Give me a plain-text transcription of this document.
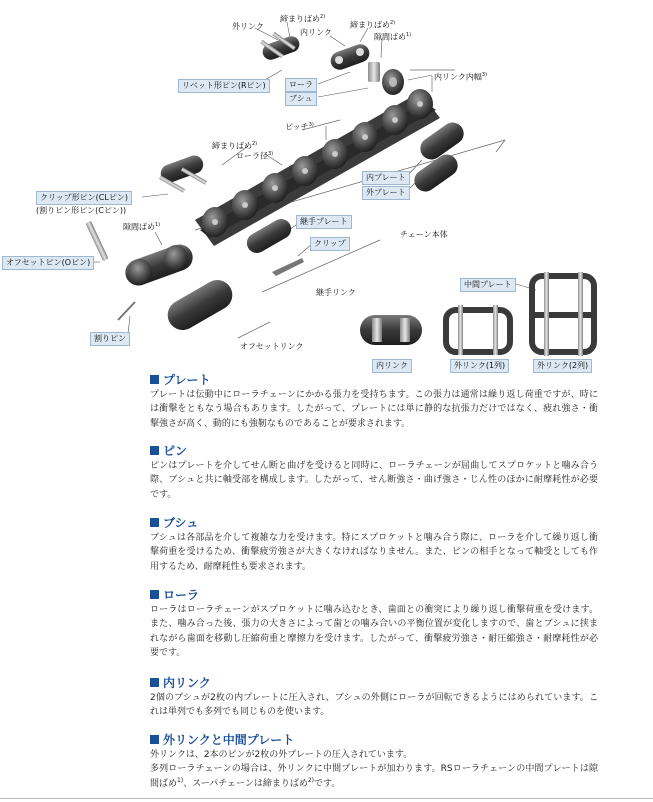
外リンク
締まりばめ$^{2)}$
内リンク
締まりばめ$^{2)}$
隙間ばめ$^{1)}$
リベット形ピン(Rピン)	ローラ
ブシュ
内リンク内幅$^{3)}$
ピッチ$^{3)}$
締まりばめ$^{2)}$
ローラ径$^{3)}$
内プレート
外プレート
クリップ形ピン(CLピン)
(割りピン形ピン(Cピン))
隙間ばめ$^{1)}$	継手プレート
クリップ
チェーン本体
オフセットピン(Oピン)
継手リンク
割りピン
オフセットリンク
中間プレート
内リンク	外リンク(1列)	外リンク(2列)
プレート

プレートは伝動中にローラチェーンにかかる張力を受持ちます。この張力は通常は繰り返し荷重ですが、時には衝撃をともなう場合もあります。したがって、プレートには単に静的な抗張力だけではなく、疲れ強さ・衝撃強さが高く、動的にも強靭なものであることが要求されます。

ピン

ピンはプレートを介してせん断と曲げを受けると同時に、ローラチェーンが屈曲してスプロケットと噛み合う際、ブシュと共に軸受部を構成します。したがって、せん断強さ・曲げ強さ・じん性のほかに耐摩耗性が必要です。

ブシュ

ブシュは各部品を介して複雑な力を受けます。特にスプロケットと噛み合う際に、ローラを介して繰り返し衝撃荷重を受けるため、衝撃疲労強さが大きくなければなりません。また、ピンの相手となって軸受としても作用するため、耐摩耗性も要求されます。

ローラ

ローラはローラチェーンがスプロケットに噛み込むとき、歯面との衝突により繰り返し衝撃荷重を受けます。また、噛み合った後、張力の大きさによって歯との噛み合いの平衡位置が変化しますので、歯とブシュに挟まれながら歯面を移動し圧縮荷重と摩擦力を受けます。したがって、衝撃疲労強さ・耐圧縮強さ・耐摩耗性が必要です。

内リンク

2個のブシュが2枚の内プレートに圧入され、ブシュの外側にローラが回転できるようにはめられています。これは単列でも多列でも同じものを使います。

外リンクと中間プレート

外リンクは、2本のピンが2枚の外プレートの圧入されています。

多列ローラチェーンの場合は、外リンクに中間プレートが加わります。RSローラチェーンの中間プレートは隙間ばめ$^{1)}$、スーパチェーンは締まりばめ$^{2)}$です。
